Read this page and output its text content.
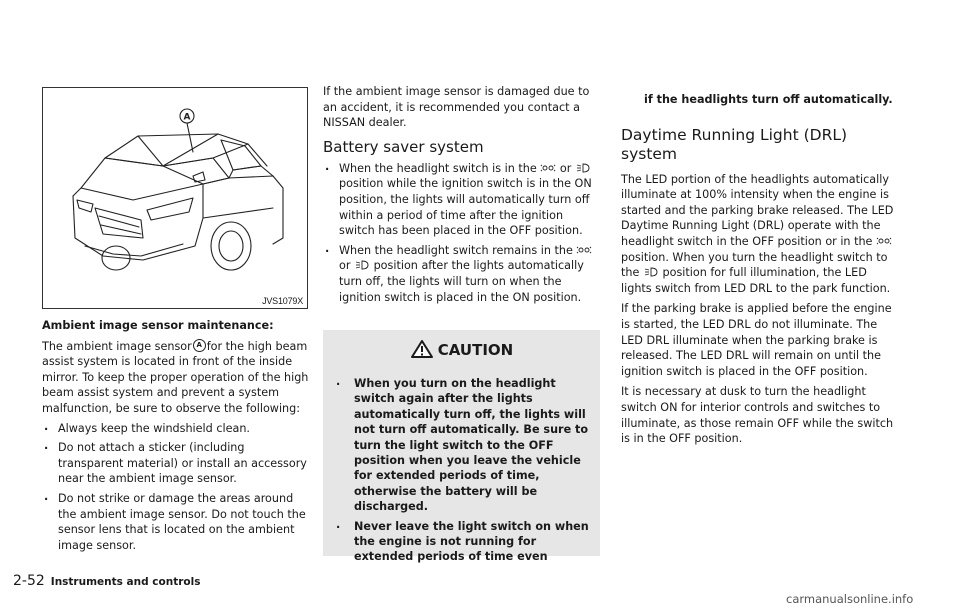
A
JVS1079X

Ambient image sensor maintenance:

The ambient image sensor A for the high beam assist system is located in front of the inside mirror. To keep the proper operation of the high beam assist system and prevent a system malfunction, be sure to observe the following:

. Always keep the windshield clean.
. Do not attach a sticker (including transparent material) or install an accessory near the ambient image sensor.
. Do not strike or damage the areas around the ambient image sensor. Do not touch the sensor lens that is located on the ambient image sensor.

If the ambient image sensor is damaged due to an accident, it is recommended you contact a NISSAN dealer.

Battery saver system
. When the headlight switch is in the or  position while the ignition switch is in the ON position, the lights will automatically turn off within a period of time after the ignition switch has been placed in the OFF position.
. When the headlight switch remains in the  or position after the lights automatically turn off, the lights will turn on when the ignition switch is placed in the ON position.
CAUTION
. When you turn on the headlight switch again after the lights automatically turn off, the lights will not turn off automatically. Be sure to turn the light switch to the OFF position when you leave the vehicle for extended periods of time, otherwise the battery will be discharged.
. Never leave the light switch on when the engine is not running for extended periods of time even

if the headlights turn off automatically.

Daytime Running Light (DRL) system

The LED portion of the headlights automatically illuminate at 100% intensity when the engine is started and the parking brake released. The LED Daytime Running Light (DRL) operate with the headlight switch in the OFF position or in the  position. When you turn the headlight switch to the position for full illumination, the LED lights switch from LED DRL to the park function.

If the parking brake is applied before the engine is started, the LED DRL do not illuminate. The LED DRL illuminate when the parking brake is released. The LED DRL will remain on until the ignition switch is placed in the OFF position.

It is necessary at dusk to turn the headlight switch ON for interior controls and switches to illuminate, as those remain OFF while the switch is in the OFF position.

2-52 Instruments and controls
carmanualsonline.info
